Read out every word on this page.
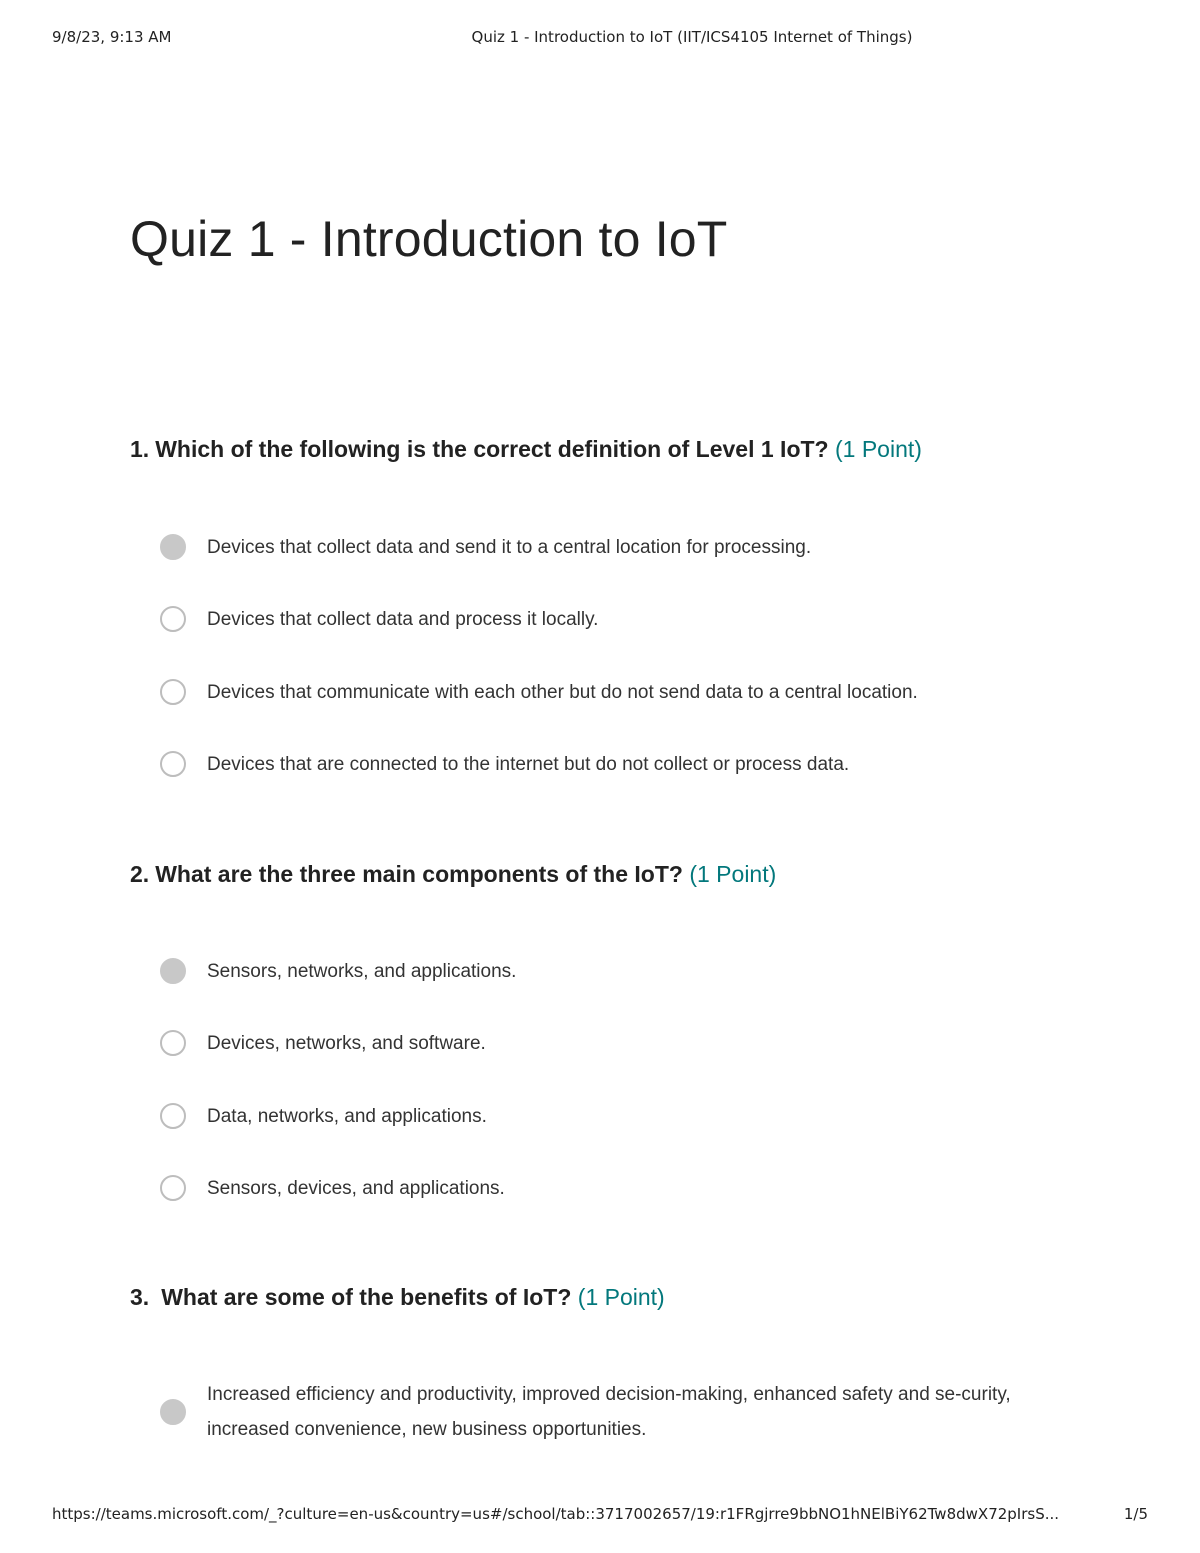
9/8/23, 9:13 AM	Quiz 1 - Introduction to IoT (IIT/ICS4105 Internet of Things)
Quiz 1 - Introduction to IoT
1. Which of the following is the correct definition of Level 1 IoT? (1 Point)
Devices that collect data and send it to a central location for processing.
Devices that collect data and process it locally.
Devices that communicate with each other but do not send data to a central location.
Devices that are connected to the internet but do not collect or process data.
2. What are the three main components of the IoT? (1 Point)
Sensors, networks, and applications.
Devices, networks, and software.
Data, networks, and applications.
Sensors, devices, and applications.
3. What are some of the benefits of IoT? (1 Point)
Increased efficiency and productivity, improved decision-making, enhanced safety and se-curity, increased convenience, new business opportunities.
https://teams.microsoft.com/_?culture=en-us&country=us#/school/tab::3717002657/19:r1FRgjrre9bbNO1hNElBiY62Tw8dwX72pIrsS...	1/5
